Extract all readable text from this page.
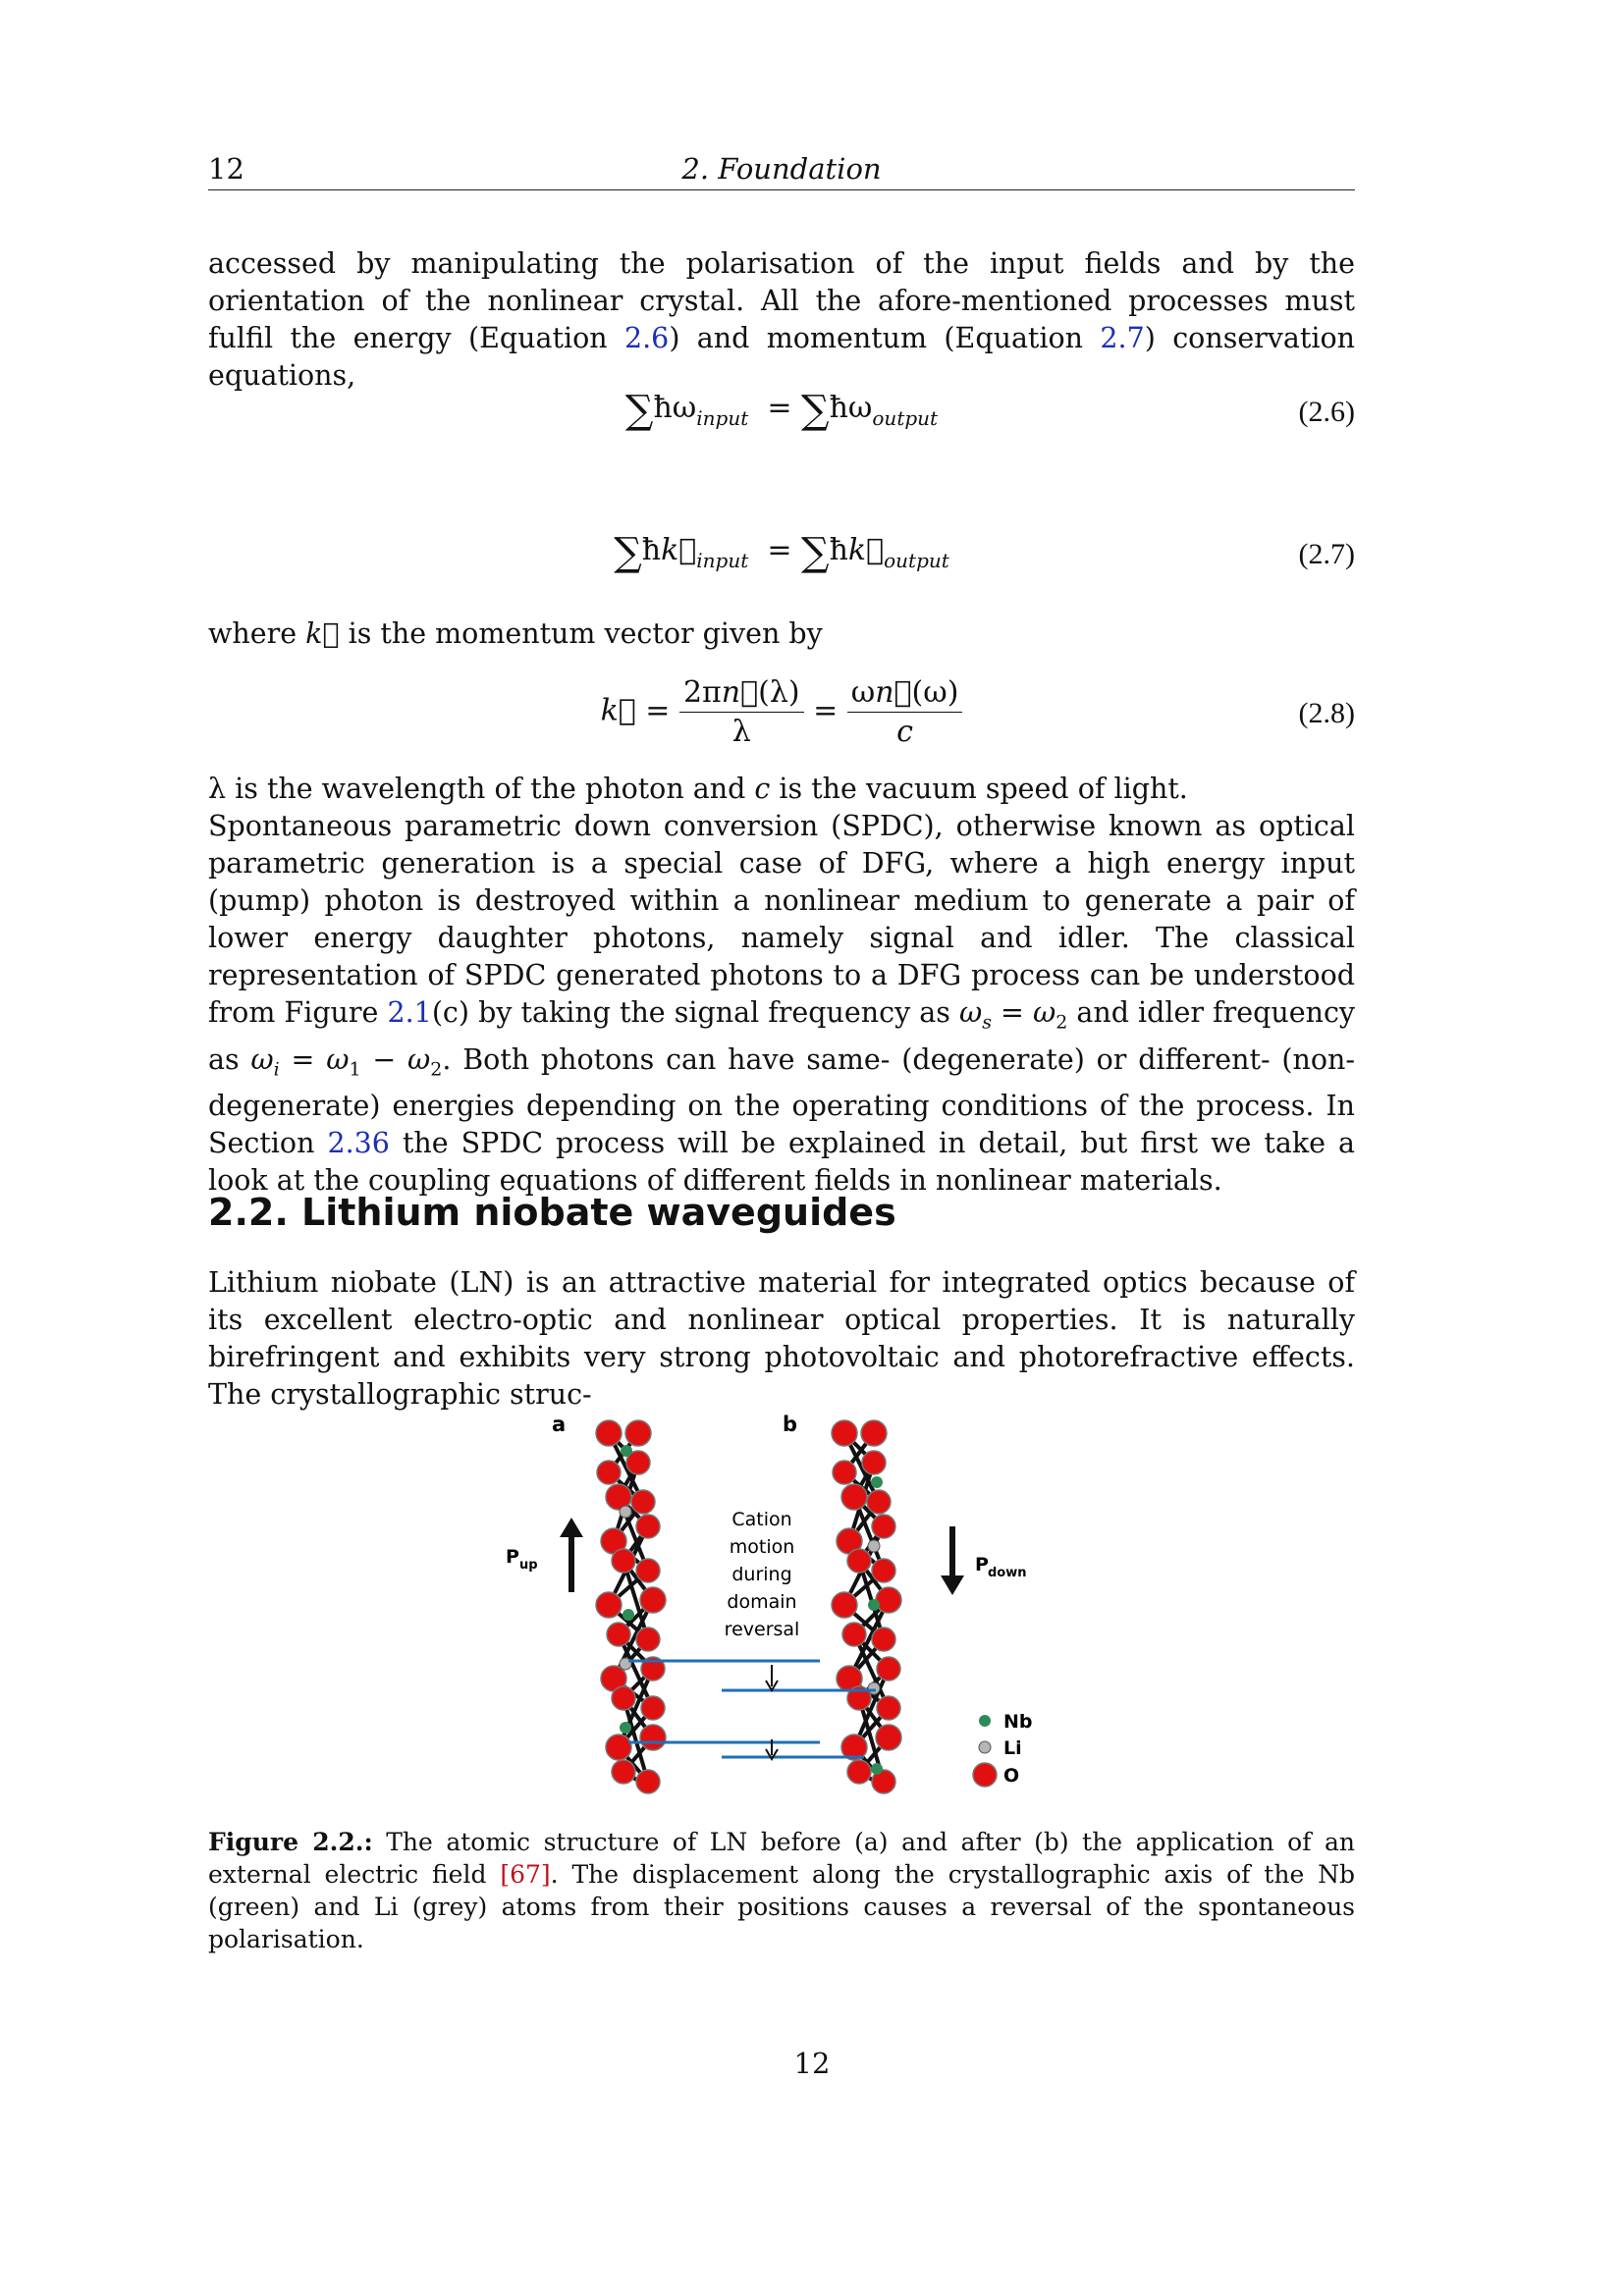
12	2. Foundation
accessed by manipulating the polarisation of the input fields and by the orientation of the nonlinear crystal. All the afore-mentioned processes must fulfil the energy (Equation 2.6) and momentum (Equation 2.7) conservation equations,
$\sum ħ\omega_{input}$  = $\sum ħ\omega_{output}$	(2.6)
$\sum ħk⃗_{input}$  = $\sum ħk⃗_{output}$	(2.7)
where k⃗ is the momentum vector given by
k⃗ = $\frac{2\pi n⃗(\lambda)}{\lambda} = \frac{\omega n⃗(\omega)}{c}$	(2.8)
λ is the wavelength of the photon and c is the vacuum speed of light.
Spontaneous parametric down conversion (SPDC), otherwise known as optical parametric generation is a special case of DFG, where a high energy input (pump) photon is destroyed within a nonlinear medium to generate a pair of lower energy daughter photons, namely signal and idler. The classical representation of SPDC generated photons to a DFG process can be understood from Figure 2.1(c) by taking the signal frequency as $\omega_s = \omega_2$ and idler frequency as $\omega_i = \omega_1 - \omega_2$. Both photons can have same- (degenerate) or different- (non-degenerate) energies depending on the operating conditions of the process. In Section 2.36 the SPDC process will be explained in detail, but first we take a look at the coupling equations of different fields in nonlinear materials.
2.2. Lithium niobate waveguides
Lithium niobate (LN) is an attractive material for integrated optics because of its excellent electro-optic and nonlinear optical properties. It is naturally birefringent and exhibits very strong photovoltaic and photorefractive effects. The crystallographic struc-
a	b
P up	P down
Cation
motion
during
domain
reversal
Nb
Li
O
Figure 2.2.: The atomic structure of LN before (a) and after (b) the application of an external electric field [67]. The displacement along the crystallographic axis of the Nb (green) and Li (grey) atoms from their positions causes a reversal of the spontaneous polarisation.
12
